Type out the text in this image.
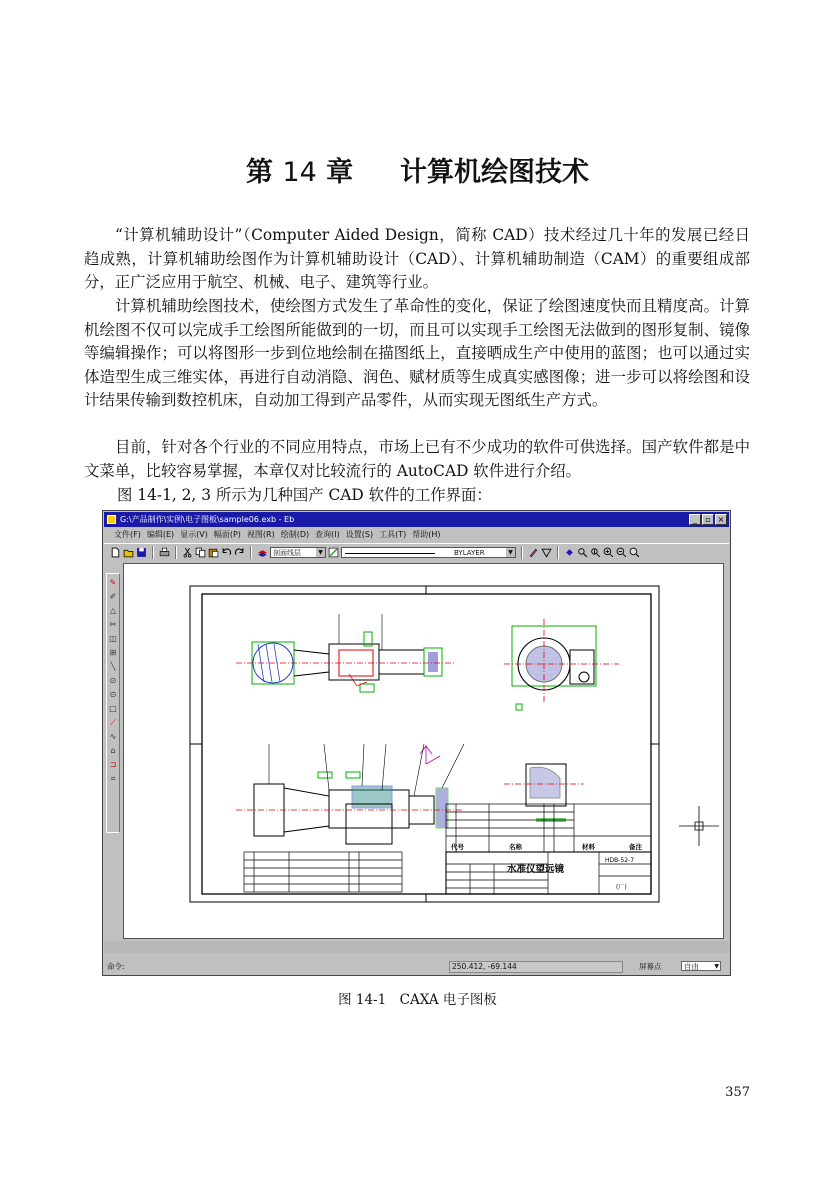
第 14 章 计算机绘图技术

“计算机辅助设计”（Computer Aided Design，简称 CAD）技术经过几十年的发展已经日趋成熟，计算机辅助绘图作为计算机辅助设计（CAD）、计算机辅助制造（CAM）的重要组成部分，正广泛应用于航空、机械、电子、建筑等行业。

计算机辅助绘图技术，使绘图方式发生了革命性的变化，保证了绘图速度快而且精度高。计算机绘图不仅可以完成手工绘图所能做到的一切，而且可以实现手工绘图无法做到的图形复制、镜像等编辑操作；可以将图形一步到位地绘制在描图纸上，直接晒成生产中使用的蓝图；也可以通过实体造型生成三维实体，再进行自动消隐、润色、赋材质等生成真实感图像；进一步可以将绘图和设计结果传输到数控机床，自动加工得到产品零件，从而实现无图纸生产方式。

目前，针对各个行业的不同应用特点，市场上已有不少成功的软件可供选择。国产软件都是中文菜单，比较容易掌握，本章仅对比较流行的 AutoCAD 软件进行介绍。

图 14-1, 2, 3 所示为几种国产 CAD 软件的工作界面：

G:\产品制作\实例\电子图板\sample06.exb - Eb	_	▫ ×
文件(F) 编辑(E) 显示(V) 幅面(P) 视图(R) 绘制(D) 查询(I) 设置(S) 工具(T) 帮助(H)
剖面线层	▼	BYLAYER	▼
✎
✐
△
✂
◫
⊞
╲
⊙
⊙
□
⟋
∿
⌂
⊐
⌗
代号	名称	材料	备注
水准仪望远镜
HDB-52-7
(厂)
命令:	250.412, -69.144	屏幕点	自由	▼
图 14-1　CAXA 电子图板
357
